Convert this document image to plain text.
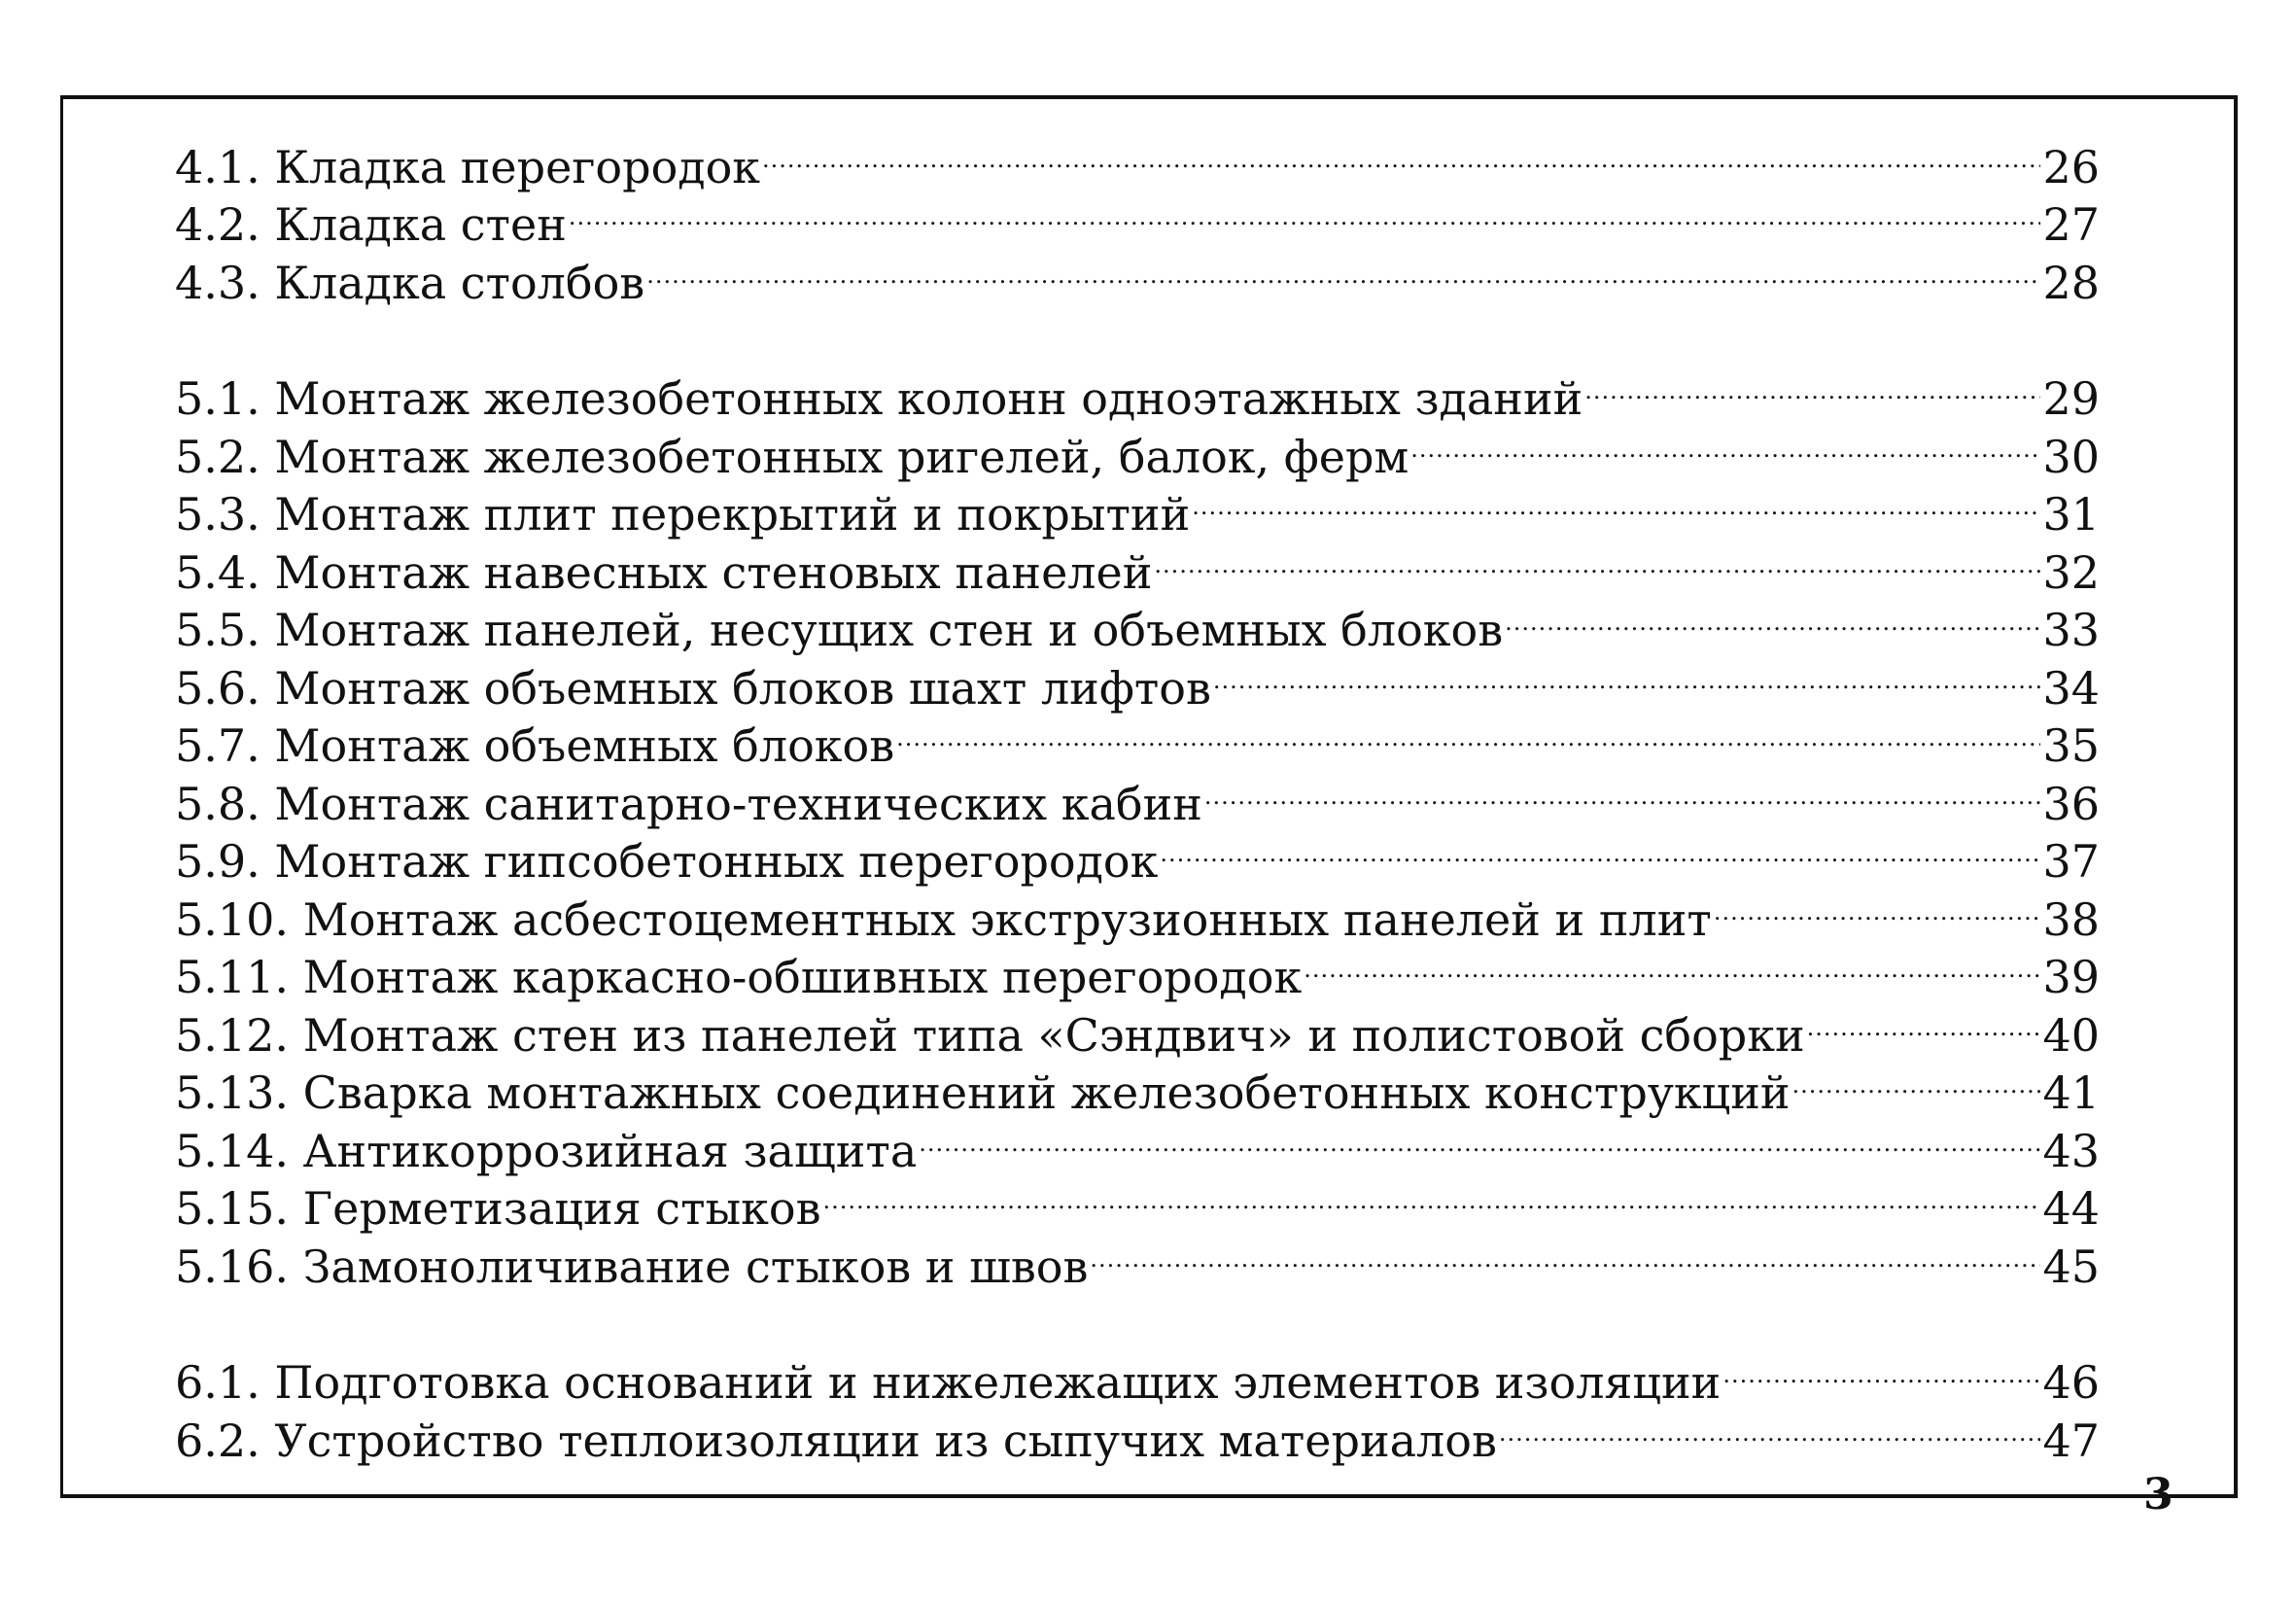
4.1. Кладка перегородок .....	26
4.2. Кладка стен .....	27
4.3. Кладка столбов .....	28
5.1. Монтаж железобетонных колонн одноэтажных зданий .....	29
5.2. Монтаж железобетонных ригелей, балок, ферм .....	30
5.3. Монтаж плит перекрытий и покрытий .....	31
5.4. Монтаж навесных стеновых панелей .....	32
5.5. Монтаж панелей, несущих стен и объемных блоков .....	33
5.6. Монтаж объемных блоков шахт лифтов .....	34
5.7. Монтаж объемных блоков .....	35
5.8. Монтаж санитарно-технических кабин .....	36
5.9. Монтаж гипсобетонных перегородок .....	37
5.10. Монтаж асбестоцементных экструзионных панелей и плит .....	38
5.11. Монтаж каркасно-обшивных перегородок .....	39
5.12. Монтаж стен из панелей типа «Сэндвич» и полистовой сборки .....	40
5.13. Сварка монтажных соединений железобетонных конструкций .....	41
5.14. Антикоррозийная защита .....	43
5.15. Герметизация стыков .....	44
5.16. Замоноличивание стыков и швов .....	45
6.1. Подготовка оснований и нижележащих элементов изоляции .....	46
6.2. Устройство теплоизоляции из сыпучих материалов .....	47
3
